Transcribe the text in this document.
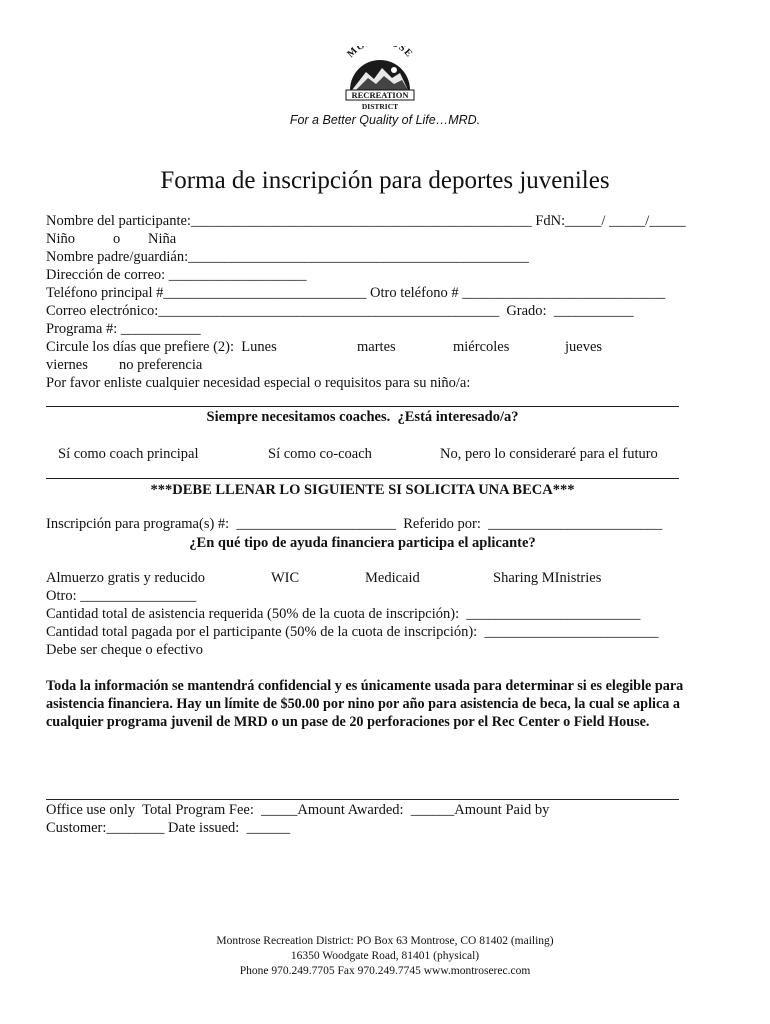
MO SE
RECREATION
DISTRICT
For a Better Quality of Life…MRD.
Forma de inscripción para deportes juveniles
Nombre del participante:_______________________________________________ FdN:_____/ _____/_____
Niño	o Niña
Nombre padre/guardián:_______________________________________________
Dirección de correo: ___________________
Teléfono principal #____________________________ Otro teléfono # ____________________________
Correo electrónico:_______________________________________________  Grado:  ___________
Programa #: ___________
Circule los días que prefiere (2):  Lunes	martes	miércoles	jueves
viernes no preferencia
Por favor enliste cualquier necesidad especial o requisitos para su niño/a:
Siempre necesitamos coaches.  ¿Está interesado/a?
Sí como coach principal	Sí como co-coach	No, pero lo consideraré para el futuro
***DEBE LLENAR LO SIGUIENTE SI SOLICITA UNA BECA***
Inscripción para programa(s) #:  ______________________  Referido por:  ________________________
¿En qué tipo de ayuda financiera participa el aplicante?
Almuerzo gratis y reducido	WIC	Medicaid	Sharing MInistries
Otro: ________________
Cantidad total de asistencia requerida (50% de la cuota de inscripción):  ________________________
Cantidad total pagada por el participante (50% de la cuota de inscripción):  ________________________
Debe ser cheque o efectivo
Toda la información se mantendrá confidencial y es únicamente usada para determinar si es elegible para asistencia financiera. Hay un límite de $50.00 por nino por año para asistencia de beca, la cual se aplica a cualquier programa juvenil de MRD o un pase de 20 perforaciones por el Rec Center o Field House.
Office use only  Total Program Fee:  _____Amount Awarded:  ______Amount Paid by
Customer:________ Date issued:  ______
Montrose Recreation District: PO Box 63 Montrose, CO 81402 (mailing)
16350 Woodgate Road, 81401 (physical)
Phone 970.249.7705 Fax 970.249.7745 www.montroserec.com
